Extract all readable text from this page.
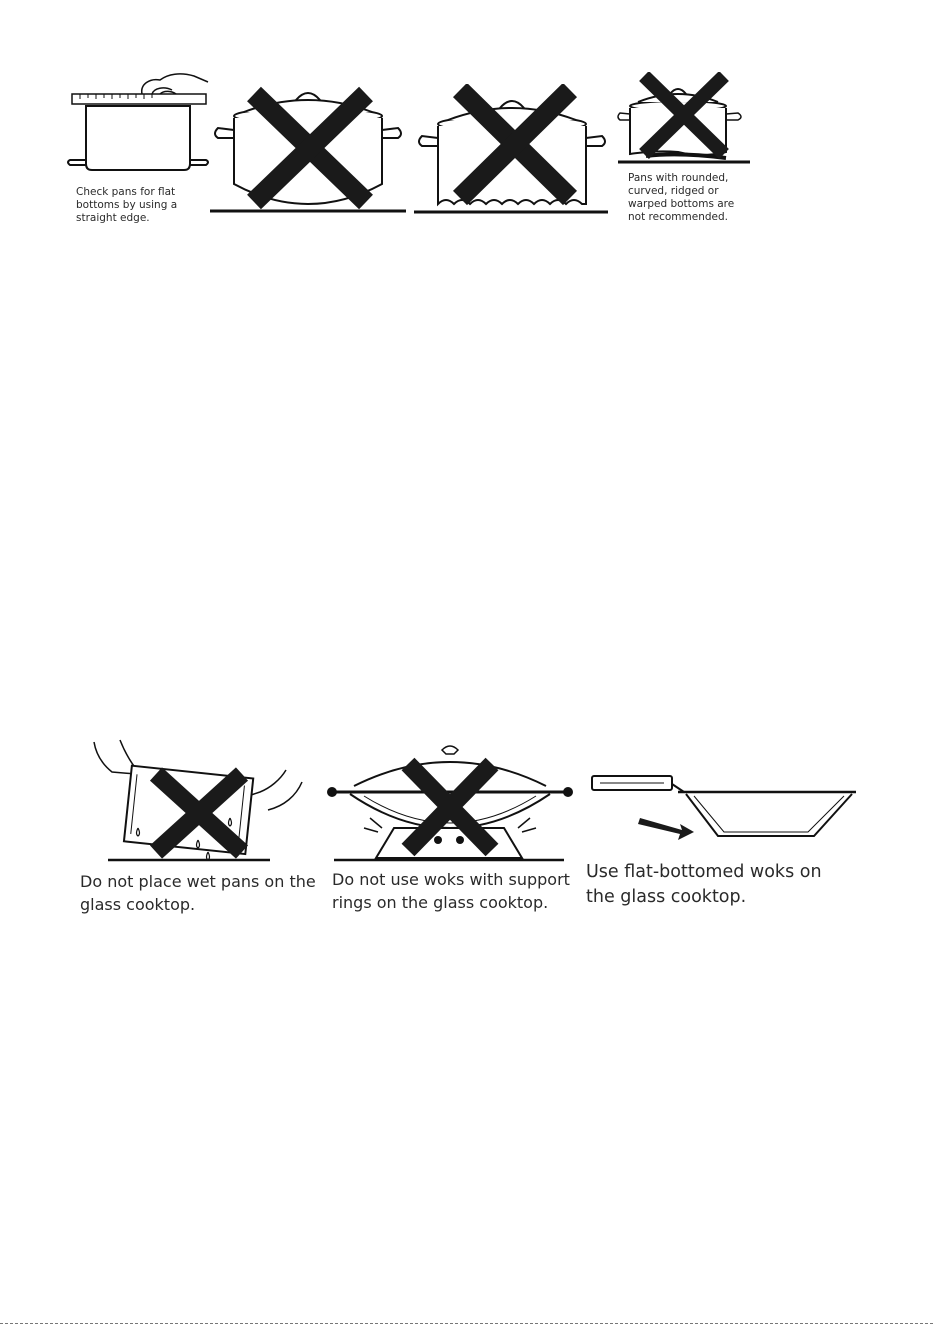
Check pans for flat
bottoms by using a
straight edge.
Pans with rounded,
curved, ridged or
warped bottoms are
not recommended.
Do not place wet pans on the
glass cooktop.
Do not use woks with support
rings on the glass cooktop.
Use flat-bottomed woks on
the glass cooktop.
